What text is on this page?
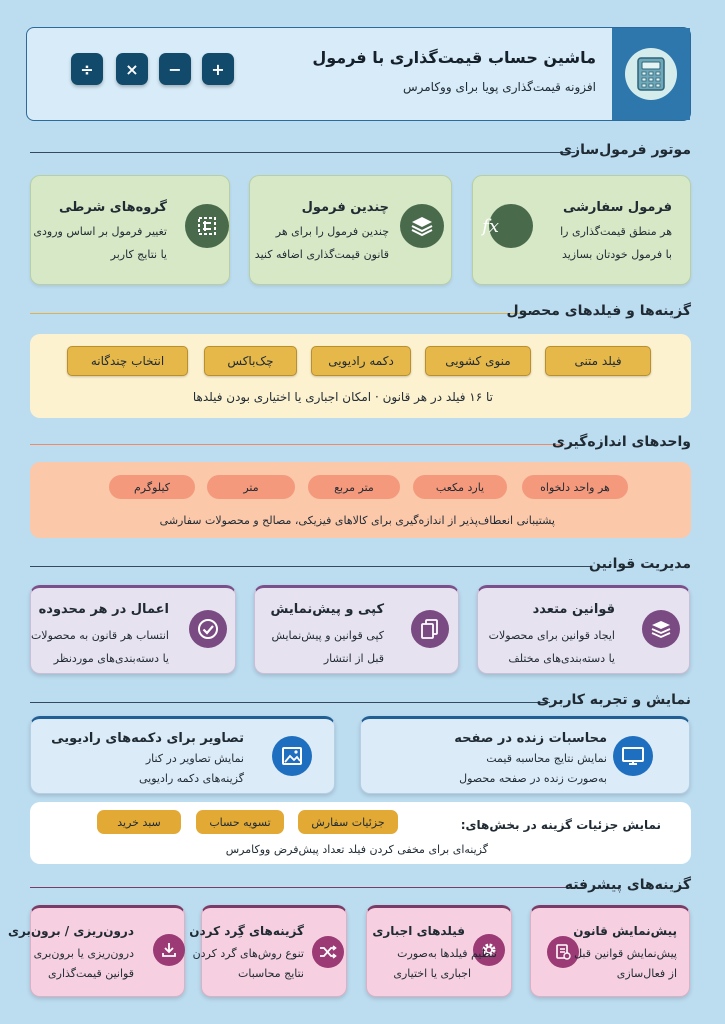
ماشین حساب قیمت‌گذاری با فرمول
افزونه قیمت‌گذاری پویا برای ووکامرس
+
−
×
÷
موتور فرمول‌سازی
fx
فرمول سفارشی
هر منطق قیمت‌گذاری را
با فرمول خودتان بسازید
چندین فرمول
چندین فرمول را برای هر
قانون قیمت‌گذاری اضافه کنید
گروه‌های شرطی
تغییر فرمول بر اساس ورودی
یا نتایج کاربر
گزینه‌ها و فیلدهای محصول
فیلد متنی
منوی کشویی
دکمه رادیویی
چک‌باکس
انتخاب چندگانه
تا ۱۶ فیلد در هر قانون · امکان اجباری یا اختیاری بودن فیلدها
واحدهای اندازه‌گیری
هر واحد دلخواه
یارد مکعب
متر مربع
متر
کیلوگرم
پشتیبانی انعطاف‌پذیر از اندازه‌گیری برای کالاهای فیزیکی، مصالح و محصولات سفارشی
مدیریت قوانین
قوانین متعدد
ایجاد قوانین برای محصولات
یا دسته‌بندی‌های مختلف
کپی و پیش‌نمایش
کپی قوانین و پیش‌نمایش
قبل از انتشار
اعمال در هر محدوده
انتساب هر قانون به محصولات
یا دسته‌بندی‌های موردنظر
نمایش و تجربه کاربری
محاسبات زنده در صفحه
نمایش نتایج محاسبه قیمت
به‌صورت زنده در صفحه محصول
تصاویر برای دکمه‌های رادیویی
نمایش تصاویر در کنار
گزینه‌های دکمه رادیویی
نمایش جزئیات گزینه در بخش‌های:
جزئیات سفارش
تسویه حساب
سبد خرید
گزینه‌ای برای مخفی کردن فیلد تعداد پیش‌فرض ووکامرس
گزینه‌های پیشرفته
پیش‌نمایش قانون
پیش‌نمایش قوانین قبل
از فعال‌سازی
فیلدهای اجباری
تنظیم فیلدها به‌صورت
اجباری یا اختیاری
گزینه‌های گِرد کردن
تنوع روش‌های گرد کردن
نتایج محاسبات
درون‌ریزی / برون‌بری
درون‌ریزی یا برون‌بری
قوانین قیمت‌گذاری
